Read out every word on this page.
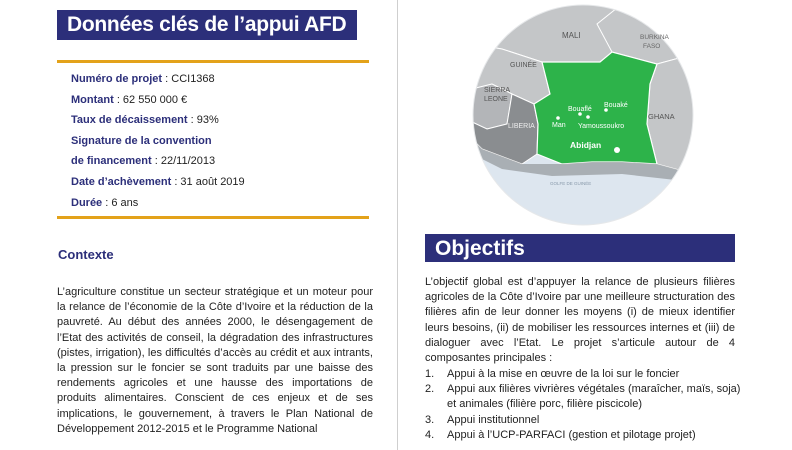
Données clés de l’appui AFD
Numéro de projet : CCI1368
Montant : 62 550 000 €
Taux de décaissement : 93%
Signature de la convention
de financement : 22/11/2013
Date d’achèvement : 31 août 2019
Durée : 6 ans
Contexte
L’agriculture constitue un secteur stratégique et un moteur pour la relance de l’économie de la Côte d’Ivoire et la réduction de la pauvreté. Au début des années 2000, le désengagement de l’Etat des activités de conseil, la dégradation des infrastructures (pistes, irrigation), les difficultés d’accès au crédit et aux intrants, la pression sur le foncier se sont traduits par une baisse des rendements agricoles et une hausse des importations de produits alimentaires. Conscient de ces enjeux et de ses implications, le gouvernement, à travers le Plan National de Développement 2012-2015 et le Programme National
MALI	BURKINA
FASO
GUINÉE
SIERRA
LEONE
LIBERIA
GHANA
Bouaflé
Bouaké
Man Yamoussoukro
Abidjan
GOLFE DE GUINÉE
Objectifs
L’objectif global est d’appuyer la relance de plusieurs filières agricoles de la Côte d’Ivoire par une meilleure structuration des filières afin de leur donner les moyens (i) de mieux identifier leurs besoins, (ii) de mobiliser les ressources internes et (iii) de dialoguer avec l’Etat. Le projet s’articule autour de 4 composantes principales :
1. Appui à la mise en œuvre de la loi sur le foncier
2. Appui aux filières vivrières végétales (maraîcher, maïs, soja) et animales (filière porc, filière piscicole)
3. Appui institutionnel
4. Appui à l’UCP-PARFACI (gestion et pilotage projet)
